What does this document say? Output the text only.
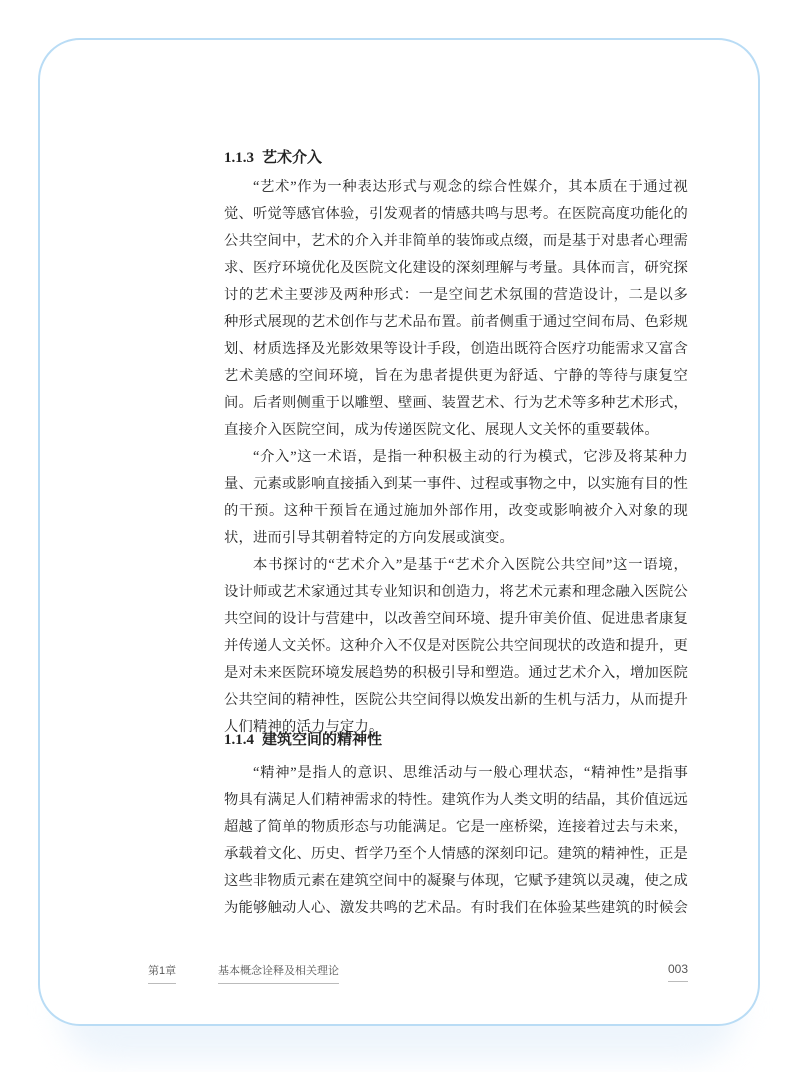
1.1.3 艺术介入
“艺术”作为一种表达形式与观念的综合性媒介，其本质在于通过视
觉、听觉等感官体验，引发观者的情感共鸣与思考。在医院高度功能化的
公共空间中，艺术的介入并非简单的装饰或点缀，而是基于对患者心理需
求、医疗环境优化及医院文化建设的深刻理解与考量。具体而言，研究探
讨的艺术主要涉及两种形式：一是空间艺术氛围的营造设计，二是以多
种形式展现的艺术创作与艺术品布置。前者侧重于通过空间布局、色彩规
划、材质选择及光影效果等设计手段，创造出既符合医疗功能需求又富含
艺术美感的空间环境，旨在为患者提供更为舒适、宁静的等待与康复空
间。后者则侧重于以雕塑、壁画、装置艺术、行为艺术等多种艺术形式，
直接介入医院空间，成为传递医院文化、展现人文关怀的重要载体。
“介入”这一术语，是指一种积极主动的行为模式，它涉及将某种力
量、元素或影响直接插入到某一事件、过程或事物之中，以实施有目的性
的干预。这种干预旨在通过施加外部作用，改变或影响被介入对象的现
状，进而引导其朝着特定的方向发展或演变。
本书探讨的“艺术介入”是基于“艺术介入医院公共空间”这一语境，
设计师或艺术家通过其专业知识和创造力，将艺术元素和理念融入医院公
共空间的设计与营建中，以改善空间环境、提升审美价值、促进患者康复
并传递人文关怀。这种介入不仅是对医院公共空间现状的改造和提升，更
是对未来医院环境发展趋势的积极引导和塑造。通过艺术介入，增加医院
公共空间的精神性，医院公共空间得以焕发出新的生机与活力，从而提升
人们精神的活力与定力。
1.1.4 建筑空间的精神性
“精神”是指人的意识、思维活动与一般心理状态，“精神性”是指事
物具有满足人们精神需求的特性。建筑作为人类文明的结晶，其价值远远
超越了简单的物质形态与功能满足。它是一座桥梁，连接着过去与未来，
承载着文化、历史、哲学乃至个人情感的深刻印记。建筑的精神性，正是
这些非物质元素在建筑空间中的凝聚与体现，它赋予建筑以灵魂，使之成
为能够触动人心、激发共鸣的艺术品。有时我们在体验某些建筑的时候会
第1章	基本概念诠释及相关理论	003
